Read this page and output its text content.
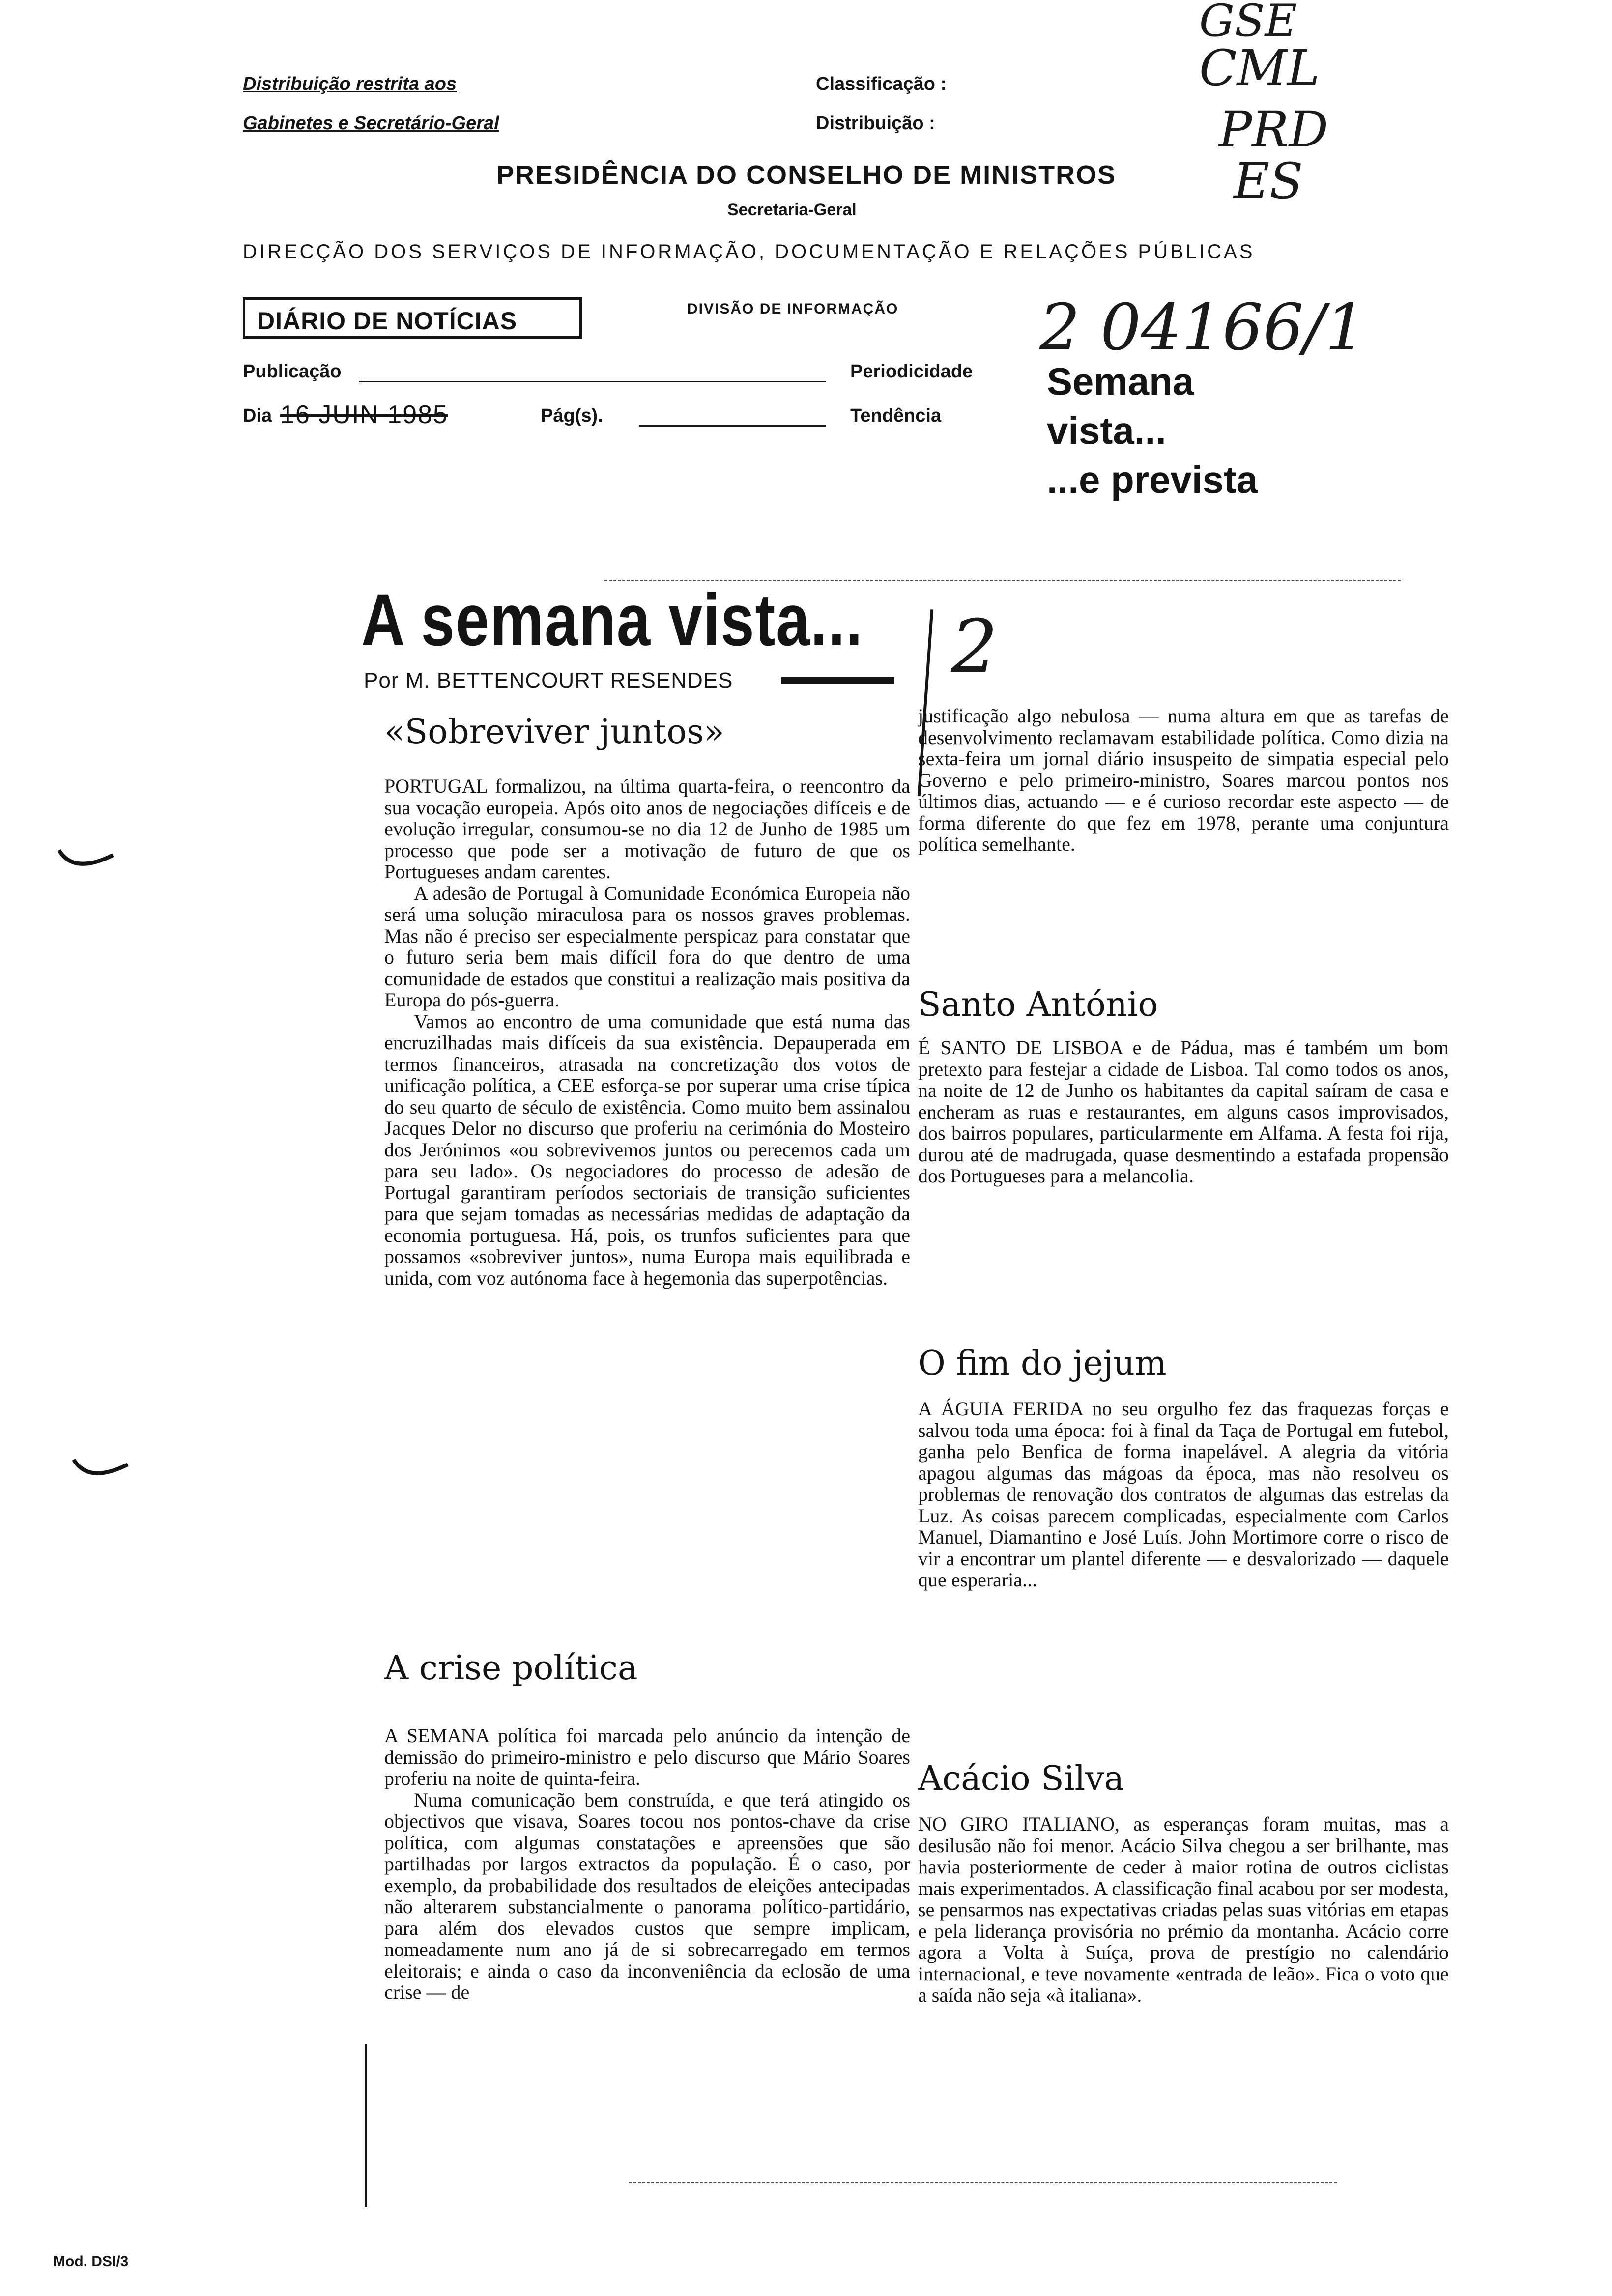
Distribuição restrita aos
Gabinetes e Secretário-Geral
Classificação :
Distribuição :
PRESIDÊNCIA DO CONSELHO DE MINISTROS
Secretaria-Geral
DIRECÇÃO DOS SERVIÇOS DE INFORMAÇÃO, DOCUMENTAÇÃO E RELAÇÕES PÚBLICAS
DIÁRIO DE NOTÍCIAS	DIVISÃO DE INFORMAÇÃO
Publicação	Periodicidade
Dia 16 JUIN 1985	Pág(s).	Tendência
GSE
CML
PRD
ES
2 04166/1
2
Semana
vista...
...e prevista
A semana vista...
Por M. BETTENCOURT RESENDES
«Sobreviver juntos»

PORTUGAL formalizou, na última quarta-feira, o reencontro da sua vocação europeia. Após oito anos de negociações difíceis e de evolução irregular, consumou-se no dia 12 de Junho de 1985 um processo que pode ser a motivação de futuro de que os Portugueses andam carentes.

A adesão de Portugal à Comunidade Económica Europeia não será uma solução miraculosa para os nossos graves problemas. Mas não é preciso ser especialmente perspicaz para constatar que o futuro seria bem mais difícil fora do que dentro de uma comunidade de estados que constitui a realização mais positiva da Europa do pós-guerra.

Vamos ao encontro de uma comunidade que está numa das encruzilhadas mais difíceis da sua existência. Depauperada em termos financeiros, atrasada na concretização dos votos de unificação política, a CEE esforça-se por superar uma crise típica do seu quarto de século de existência. Como muito bem assinalou Jacques Delor no discurso que proferiu na cerimónia do Mosteiro dos Jerónimos «ou sobrevivemos juntos ou perecemos cada um para seu lado». Os negociadores do processo de adesão de Portugal garantiram períodos sectoriais de transição suficientes para que sejam tomadas as necessárias medidas de adaptação da economia portuguesa. Há, pois, os trunfos suficientes para que possamos «sobreviver juntos», numa Europa mais equilibrada e unida, com voz autónoma face à hegemonia das superpotências.

A crise política

A SEMANA política foi marcada pelo anúncio da intenção de demissão do primeiro-ministro e pelo discurso que Mário Soares proferiu na noite de quinta-feira.

Numa comunicação bem construída, e que terá atingido os objectivos que visava, Soares tocou nos pontos-chave da crise política, com algumas constatações e apreensões que são partilhadas por largos extractos da população. É o caso, por exemplo, da probabilidade dos resultados de eleições antecipadas não alterarem substancialmente o panorama político-partidário, para além dos elevados custos que sempre implicam, nomeadamente num ano já de si sobrecarregado em termos eleitorais; e ainda o caso da inconveniência da eclosão de uma crise — de

justificação algo nebulosa — numa altura em que as tarefas de desenvolvimento reclamavam estabilidade política. Como dizia na sexta-feira um jornal diário insuspeito de simpatia especial pelo Governo e pelo primeiro-ministro, Soares marcou pontos nos últimos dias, actuando — e é curioso recordar este aspecto — de forma diferente do que fez em 1978, perante uma conjuntura política semelhante.

Santo António

É SANTO DE LISBOA e de Pádua, mas é também um bom pretexto para festejar a cidade de Lisboa. Tal como todos os anos, na noite de 12 de Junho os habitantes da capital saíram de casa e encheram as ruas e restaurantes, em alguns casos improvisados, dos bairros populares, particularmente em Alfama. A festa foi rija, durou até de madrugada, quase desmentindo a estafada propensão dos Portugueses para a melancolia.

O fim do jejum

A ÁGUIA FERIDA no seu orgulho fez das fraquezas forças e salvou toda uma época: foi à final da Taça de Portugal em futebol, ganha pelo Benfica de forma inapelável. A alegria da vitória apagou algumas das mágoas da época, mas não resolveu os problemas de renovação dos contratos de algumas das estrelas da Luz. As coisas parecem complicadas, especialmente com Carlos Manuel, Diamantino e José Luís. John Mortimore corre o risco de vir a encontrar um plantel diferente — e desvalorizado — daquele que esperaria...

Acácio Silva

NO GIRO ITALIANO, as esperanças foram muitas, mas a desilusão não foi menor. Acácio Silva chegou a ser brilhante, mas havia posteriormente de ceder à maior rotina de outros ciclistas mais experimentados. A classificação final acabou por ser modesta, se pensarmos nas expectativas criadas pelas suas vitórias em etapas e pela liderança provisória no prémio da montanha. Acácio corre agora a Volta à Suíça, prova de prestígio no calendário internacional, e teve novamente «entrada de leão». Fica o voto que a saída não seja «à italiana».

Mod. DSI/3
